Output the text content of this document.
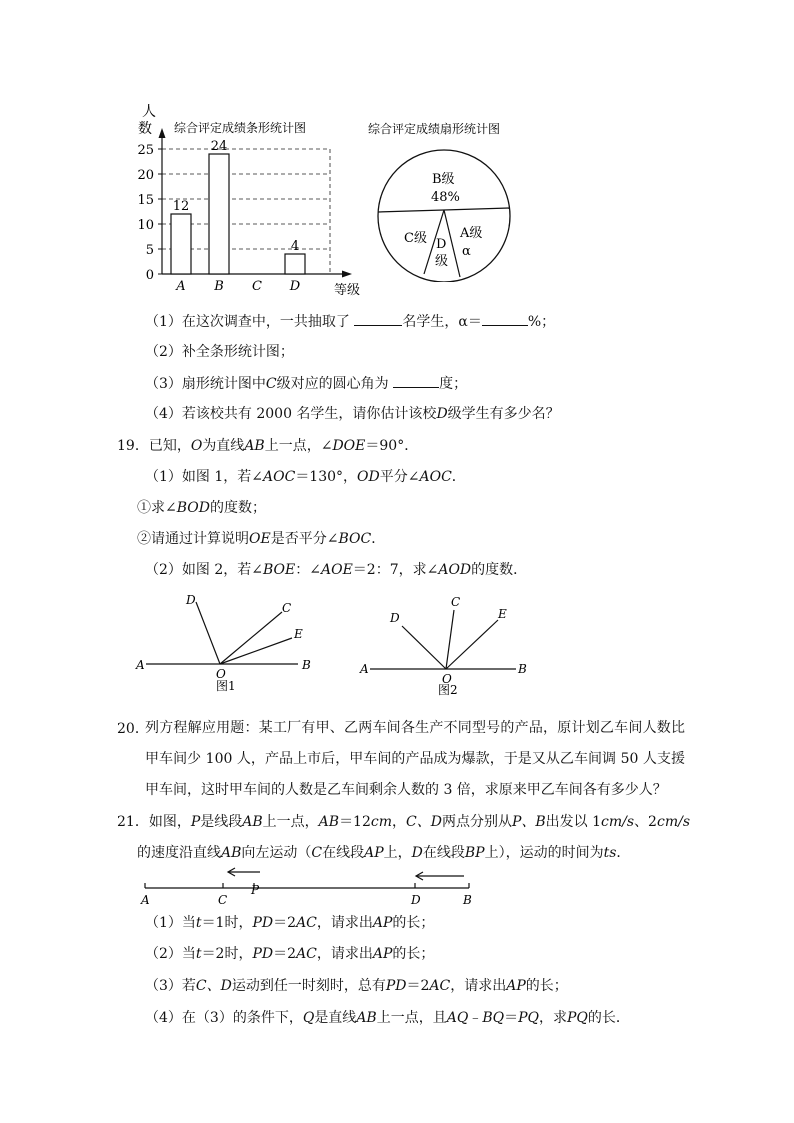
人
数 综合评定成绩条形统计图
0
5
10
15
20
25
12
24
4
A B C D	等级
综合评定成绩扇形统计图
B级
48%
C级 D
级
A级
α
（1）在这次调查中，一共抽取了	名学生，α＝	%；
（2）补全条形统计图；
（3）扇形统计图中C级对应的圆心角为	度；
（4）若该校共有 2000 名学生，请你估计该校D级学生有多少名？
19．已知，O为直线AB上一点，∠DOE＝90°．
（1）如图 1，若∠AOC＝130°，OD平分∠AOC．
①求∠BOD的度数；
②请通过计算说明OE是否平分∠BOC．
（2）如图 2，若∠BOE：∠AOE＝2：7，求∠AOD的度数．
A	B
O
D
C
E
图1
A	B
O
D
C
E
图2
20．
列方程解应用题：某工厂有甲、乙两车间各生产不同型号的产品，原计划乙车间人数比甲车间少 100 人，产品上市后，甲车间的产品成为爆款，于是又从乙车间调 50 人支援甲车间，这时甲车间的人数是乙车间剩余人数的 3 倍，求原来甲乙车间各有多少人？
21．如图，P是线段AB上一点，AB＝12cm，C、D两点分别从P、B出发以 1cm/s、2cm/s
的速度沿直线AB向左运动（C在线段AP上，D在线段BP上），运动的时间为ts．
A	C
P
D	B
（1）当t＝1时，PD＝2AC，请求出AP的长；
（2）当t＝2时，PD＝2AC，请求出AP的长；
（3）若C、D运动到任一时刻时，总有PD＝2AC，请求出AP的长；
（4）在（3）的条件下，Q是直线AB上一点，且AQ﹣BQ＝PQ，求PQ的长．
